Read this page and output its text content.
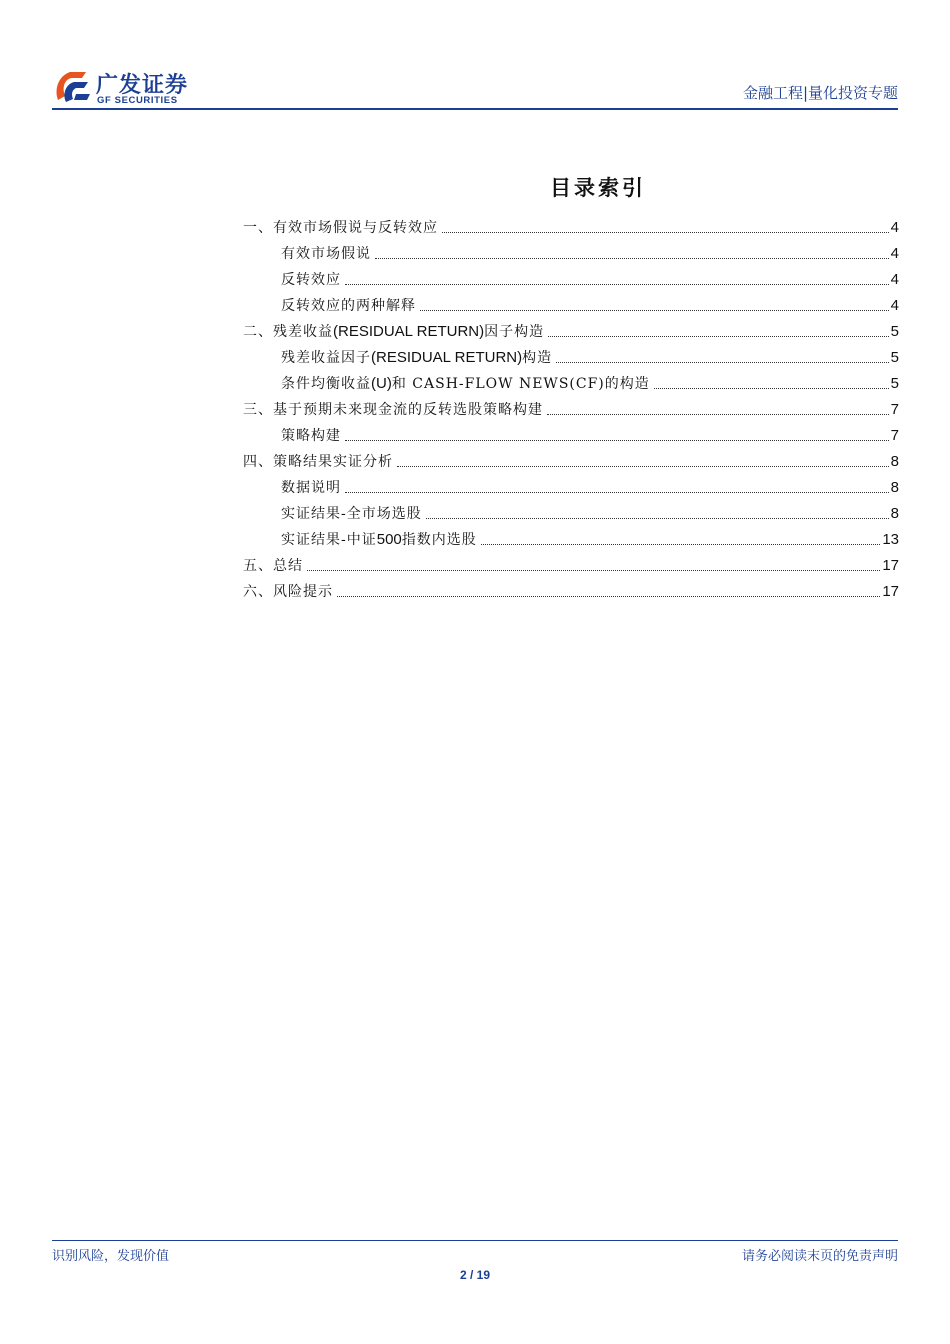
广发证券
GF SECURITIES	金融工程|量化投资专题
目录索引
一、有效市场假说与反转效应	4
有效市场假说	4
反转效应	4
反转效应的两种解释	4
二、残差收益(RESIDUAL RETURN)因子构造	5
残差收益因子(RESIDUAL RETURN)构造	5
条件均衡收益(U)和 CASH-FLOW NEWS(CF)的构造	5
三、基于预期未来现金流的反转选股策略构建	7
策略构建	7
四、策略结果实证分析	8
数据说明	8
实证结果-全市场选股	8
实证结果-中证500指数内选股	13
五、总结	17
六、风险提示	17
识别风险，发现价值	请务必阅读末页的免责声明
2 / 19
